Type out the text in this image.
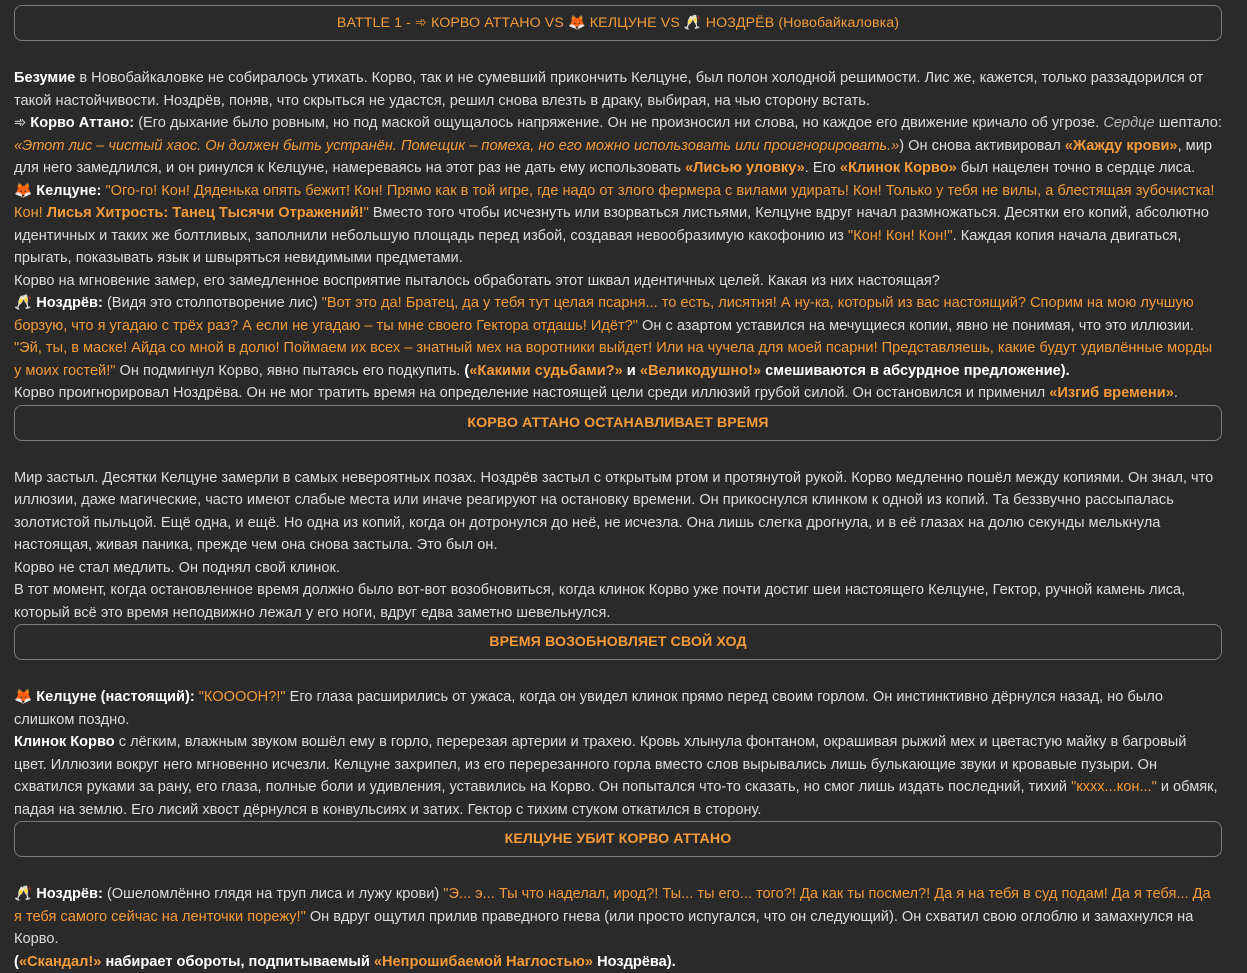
BATTLE 1 - ➾ КОРВО АТТАНО VS 🦊 КЕЛЦУНЕ VS 🥂 НОЗДРЁВ (Новобайкаловка)

Безумие в Новобайкаловке не собиралось утихать. Корво, так и не сумевший прикончить Келцуне, был полон холодной решимости. Лис же, кажется, только раззадорился от такой настойчивости. Ноздрёв, поняв, что скрыться не удастся, решил снова влезть в драку, выбирая, на чью сторону встать.

➾ Корво Аттано: (Его дыхание было ровным, но под маской ощущалось напряжение. Он не произносил ни слова, но каждое его движение кричало об угрозе. Сердце шептало: «Этот лис – чистый хаос. Он должен быть устранён. Помещик – помеха, но его можно использовать или проигнорировать.») Он снова активировал «Жажду крови», мир для него замедлился, и он ринулся к Келцуне, намереваясь на этот раз не дать ему использовать «Лисью уловку». Его «Клинок Корво» был нацелен точно в сердце лиса.

🦊 Келцуне: "Ого-го! Кон! Дяденька опять бежит! Кон! Прямо как в той игре, где надо от злого фермера с вилами удирать! Кон! Только у тебя не вилы, а блестящая зубочистка! Кон! Лисья Хитрость: Танец Тысячи Отражений!" Вместо того чтобы исчезнуть или взорваться листьями, Келцуне вдруг начал размножаться. Десятки его копий, абсолютно идентичных и таких же болтливых, заполнили небольшую площадь перед избой, создавая невообразимую какофонию из "Кон! Кон! Кон!". Каждая копия начала двигаться, прыгать, показывать язык и швыряться невидимыми предметами.

Корво на мгновение замер, его замедленное восприятие пыталось обработать этот шквал идентичных целей. Какая из них настоящая?

🥂 Ноздрёв: (Видя это столпотворение лис) "Вот это да! Братец, да у тебя тут целая псарня... то есть, лисятня! А ну-ка, который из вас настоящий? Спорим на мою лучшую борзую, что я угадаю с трёх раз? А если не угадаю – ты мне своего Гектора отдашь! Идёт?" Он с азартом уставился на мечущиеся копии, явно не понимая, что это иллюзии. "Эй, ты, в маске! Айда со мной в долю! Поймаем их всех – знатный мех на воротники выйдет! Или на чучела для моей псарни! Представляешь, какие будут удивлённые морды у моих гостей!" Он подмигнул Корво, явно пытаясь его подкупить. («Какими судьбами?» и «Великодушно!» смешиваются в абсурдное предложение).

Корво проигнорировал Ноздрёва. Он не мог тратить время на определение настоящей цели среди иллюзий грубой силой. Он остановился и применил «Изгиб времени».

КОРВО АТТАНО ОСТАНАВЛИВАЕТ ВРЕМЯ

Мир застыл. Десятки Келцуне замерли в самых невероятных позах. Ноздрёв застыл с открытым ртом и протянутой рукой. Корво медленно пошёл между копиями. Он знал, что иллюзии, даже магические, часто имеют слабые места или иначе реагируют на остановку времени. Он прикоснулся клинком к одной из копий. Та беззвучно рассыпалась золотистой пыльцой. Ещё одна, и ещё. Но одна из копий, когда он дотронулся до неё, не исчезла. Она лишь слегка дрогнула, и в её глазах на долю секунды мелькнула настоящая, живая паника, прежде чем она снова застыла. Это был он.

Корво не стал медлить. Он поднял свой клинок.

В тот момент, когда остановленное время должно было вот-вот возобновиться, когда клинок Корво уже почти достиг шеи настоящего Келцуне, Гектор, ручной камень лиса, который всё это время неподвижно лежал у его ноги, вдруг едва заметно шевельнулся.

ВРЕМЯ ВОЗОБНОВЛЯЕТ СВОЙ ХОД

🦊 Келцуне (настоящий): "КООООН?!" Его глаза расширились от ужаса, когда он увидел клинок прямо перед своим горлом. Он инстинктивно дёрнулся назад, но было слишком поздно.

Клинок Корво с лёгким, влажным звуком вошёл ему в горло, перерезая артерии и трахею. Кровь хлынула фонтаном, окрашивая рыжий мех и цветастую майку в багровый цвет. Иллюзии вокруг него мгновенно исчезли. Келцуне захрипел, из его перерезанного горла вместо слов вырывались лишь булькающие звуки и кровавые пузыри. Он схватился руками за рану, его глаза, полные боли и удивления, уставились на Корво. Он попытался что-то сказать, но смог лишь издать последний, тихий "кххх...кон..." и обмяк, падая на землю. Его лисий хвост дёрнулся в конвульсиях и затих. Гектор с тихим стуком откатился в сторону.

КЕЛЦУНЕ УБИТ КОРВО АТТАНО

🥂 Ноздрёв: (Ошеломлённо глядя на труп лиса и лужу крови) "Э... э... Ты что наделал, ирод?! Ты... ты его... того?! Да как ты посмел?! Да я на тебя в суд подам! Да я тебя... Да я тебя самого сейчас на ленточки порежу!" Он вдруг ощутил прилив праведного гнева (или просто испугался, что он следующий). Он схватил свою оглоблю и замахнулся на Корво.

(«Скандал!» набирает обороты, подпитываемый «Непрошибаемой Наглостью» Ноздрёва).
